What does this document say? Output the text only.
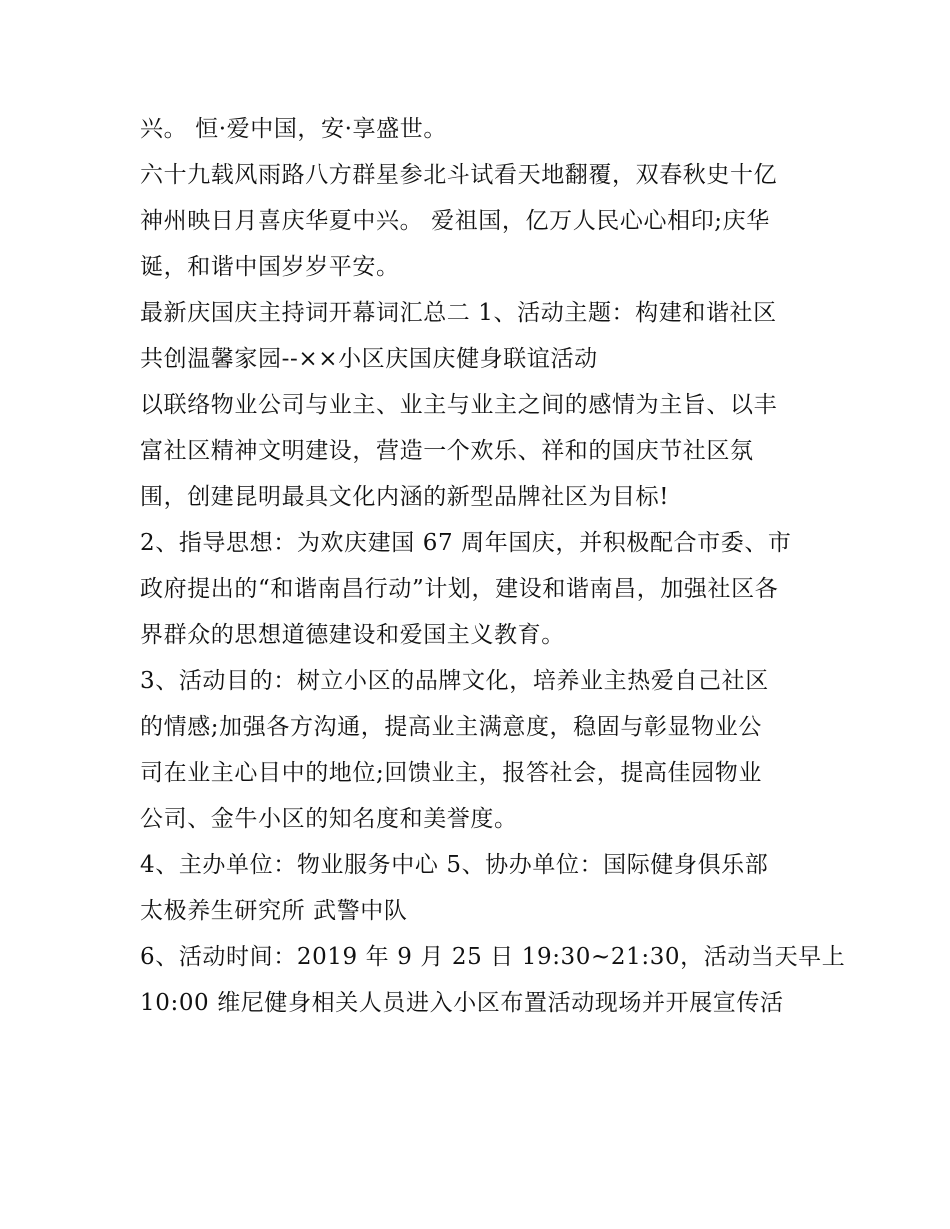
兴。 恒·爱中国，安·享盛世。
六十九载风雨路八方群星参北斗试看天地翻覆，双春秋史十亿
神州映日月喜庆华夏中兴。 爱祖国，亿万人民心心相印;庆华
诞，和谐中国岁岁平安。
最新庆国庆主持词开幕词汇总二 1、活动主题：构建和谐社区
共创温馨家园--××小区庆国庆健身联谊活动
以联络物业公司与业主、业主与业主之间的感情为主旨、以丰
富社区精神文明建设，营造一个欢乐、祥和的国庆节社区氛
围，创建昆明最具文化内涵的新型品牌社区为目标!
2、指导思想：为欢庆建国 67 周年国庆，并积极配合市委、市
政府提出的“和谐南昌行动”计划，建设和谐南昌，加强社区各
界群众的思想道德建设和爱国主义教育。
3、活动目的：树立小区的品牌文化，培养业主热爱自己社区
的情感;加强各方沟通，提高业主满意度，稳固与彰显物业公
司在业主心目中的地位;回馈业主，报答社会，提高佳园物业
公司、金牛小区的知名度和美誉度。
4、主办单位：物业服务中心 5、协办单位：国际健身俱乐部
太极养生研究所 武警中队
6、活动时间：2019 年 9 月 25 日 19:30~21:30，活动当天早上
10:00 维尼健身相关人员进入小区布置活动现场并开展宣传活
